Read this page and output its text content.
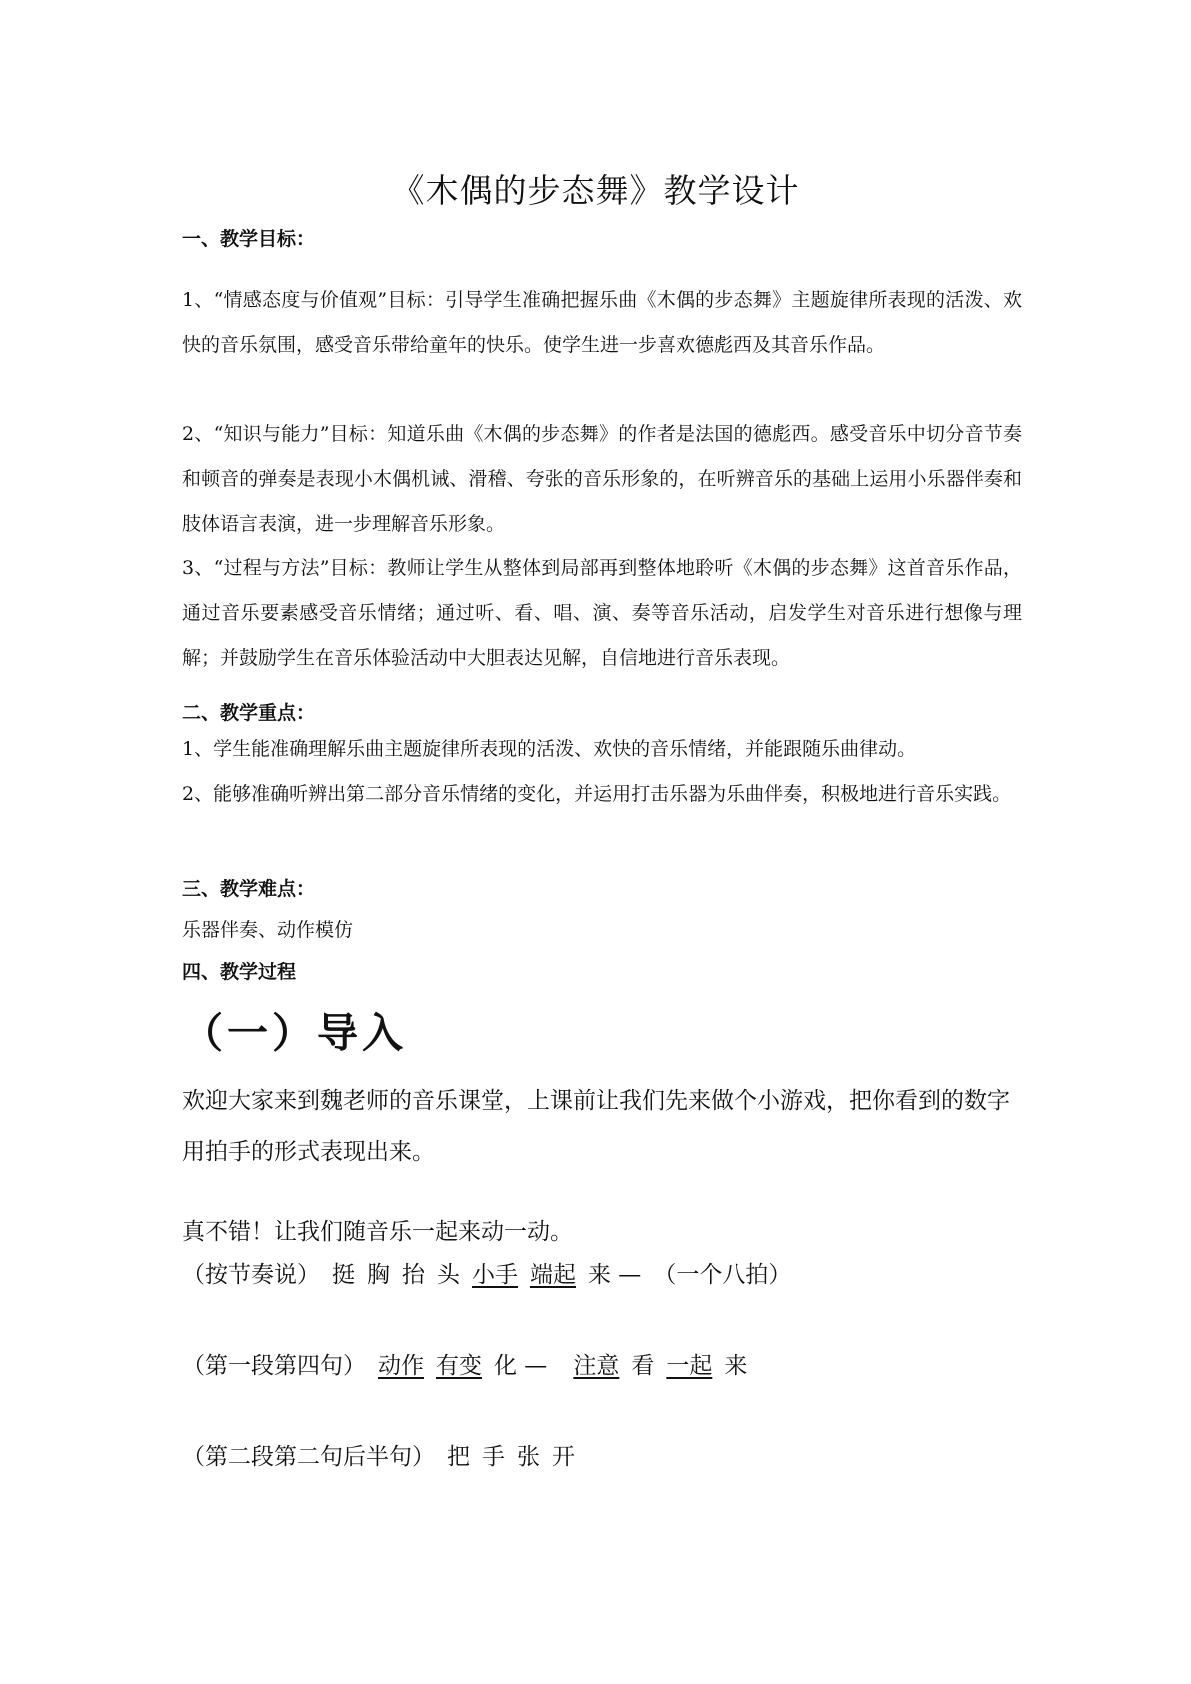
《木偶的步态舞》教学设计
一、教学目标：
1、“情感态度与价值观”目标：引导学生准确把握乐曲《木偶的步态舞》主题旋律所表现的活泼、欢快的音乐氛围，感受音乐带给童年的快乐。使学生进一步喜欢德彪西及其音乐作品。
2、“知识与能力”目标：知道乐曲《木偶的步态舞》的作者是法国的德彪西。感受音乐中切分音节奏和顿音的弹奏是表现小木偶机诫、滑稽、夸张的音乐形象的，在听辨音乐的基础上运用小乐器伴奏和肢体语言表演，进一步理解音乐形象。
3、“过程与方法”目标：教师让学生从整体到局部再到整体地聆听《木偶的步态舞》这首音乐作品，通过音乐要素感受音乐情绪；通过听、看、唱、演、奏等音乐活动，启发学生对音乐进行想像与理解；并鼓励学生在音乐体验活动中大胆表达见解，自信地进行音乐表现。
二、教学重点：
1、学生能准确理解乐曲主题旋律所表现的活泼、欢快的音乐情绪，并能跟随乐曲律动。
2、能够准确听辨出第二部分音乐情绪的变化，并运用打击乐器为乐曲伴奏，积极地进行音乐实践。
三、教学难点：
乐器伴奏、动作模仿
四、教学过程
（一）导入
欢迎大家来到魏老师的音乐课堂，上课前让我们先来做个小游戏，把你看到的数字用拍手的形式表现出来。
真不错！让我们随音乐一起来动一动。
（按节奏说） 挺 胸 抬 头 小手 端起 来 — （一个八拍）
（第一段第四句） 动作 有变 化 — 注意 看 一起 来
（第二段第二句后半句） 把 手 张 开
